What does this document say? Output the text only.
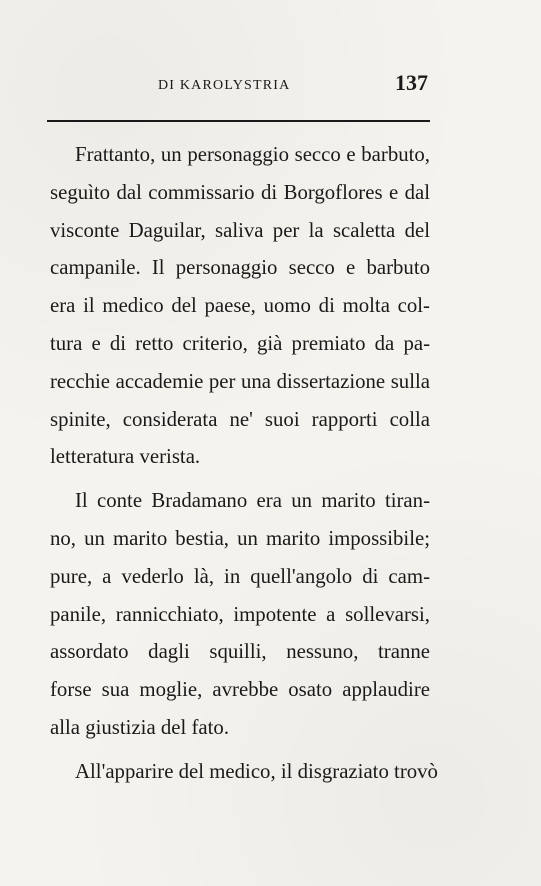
DI KAROLYSTRIA	137
Frattanto, un personaggio secco e barbuto,
seguìto dal commissario di Borgoflores e dal
visconte Daguilar, saliva per la scaletta del
campanile. Il personaggio secco e barbuto
era il medico del paese, uomo di molta col-
tura e di retto criterio, già premiato da pa-
recchie accademie per una dissertazione sulla
spinite, considerata ne' suoi rapporti colla
letteratura verista.
Il conte Bradamano era un marito tiran-
no, un marito bestia, un marito impossibile;
pure, a vederlo là, in quell'angolo di cam-
panile, rannicchiato, impotente a sollevarsi,
assordato dagli squilli, nessuno, tranne
forse sua moglie, avrebbe osato applaudire
alla giustizia del fato.
All'apparire del medico, il disgraziato trovò
